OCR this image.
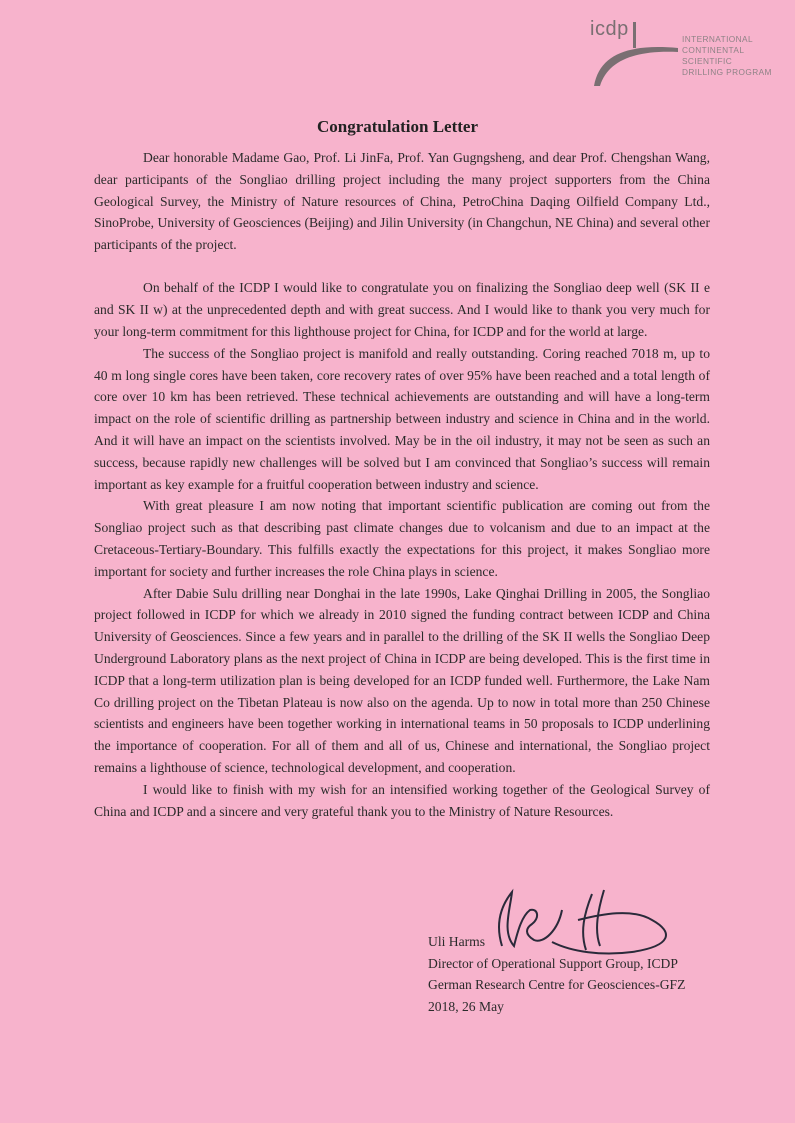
icdp	INTERNATIONAL
CONTINENTAL SCIENTIFIC
DRILLING PROGRAM
Congratulation Letter

Dear honorable Madame Gao, Prof. Li JinFa, Prof. Yan Gugngsheng, and dear Prof. Chengshan Wang, dear participants of the Songliao drilling project including the many project supporters from the China Geological Survey, the Ministry of Nature resources of China, PetroChina Daqing Oilfield Company Ltd., SinoProbe, University of Geosciences (Beijing) and Jilin University (in Changchun, NE China) and several other participants of the project.

On behalf of the ICDP I would like to congratulate you on finalizing the Songliao deep well (SK II e and SK II w) at the unprecedented depth and with great success. And I would like to thank you very much for your long-term commitment for this lighthouse project for China, for ICDP and for the world at large.

The success of the Songliao project is manifold and really outstanding. Coring reached 7018 m, up to 40 m long single cores have been taken, core recovery rates of over 95% have been reached and a total length of core over 10 km has been retrieved. These technical achievements are outstanding and will have a long-term impact on the role of scientific drilling as partnership between industry and science in China and in the world. And it will have an impact on the scientists involved. May be in the oil industry, it may not be seen as such an success, because rapidly new challenges will be solved but I am convinced that Songliao’s success will remain important as key example for a fruitful cooperation between industry and science.

With great pleasure I am now noting that important scientific publication are coming out from the Songliao project such as that describing past climate changes due to volcanism and due to an impact at the Cretaceous-Tertiary-Boundary. This fulfills exactly the expectations for this project, it makes Songliao more important for society and further increases the role China plays in science.

After Dabie Sulu drilling near Donghai in the late 1990s, Lake Qinghai Drilling in 2005, the Songliao project followed in ICDP for which we already in 2010 signed the funding contract between ICDP and China University of Geosciences. Since a few years and in parallel to the drilling of the SK II wells the Songliao Deep Underground Laboratory plans as the next project of China in ICDP are being developed. This is the first time in ICDP that a long-term utilization plan is being developed for an ICDP funded well. Furthermore, the Lake Nam Co drilling project on the Tibetan Plateau is now also on the agenda. Up to now in total more than 250 Chinese scientists and engineers have been together working in international teams in 50 proposals to ICDP underlining the importance of cooperation. For all of them and all of us, Chinese and international, the Songliao project remains a lighthouse of science, technological development, and cooperation.

I would like to finish with my wish for an intensified working together of the Geological Survey of China and ICDP and a sincere and very grateful thank you to the Ministry of Nature Resources.

Uli Harms
Director of Operational Support Group, ICDP
German Research Centre for Geosciences-GFZ
2018, 26 May
